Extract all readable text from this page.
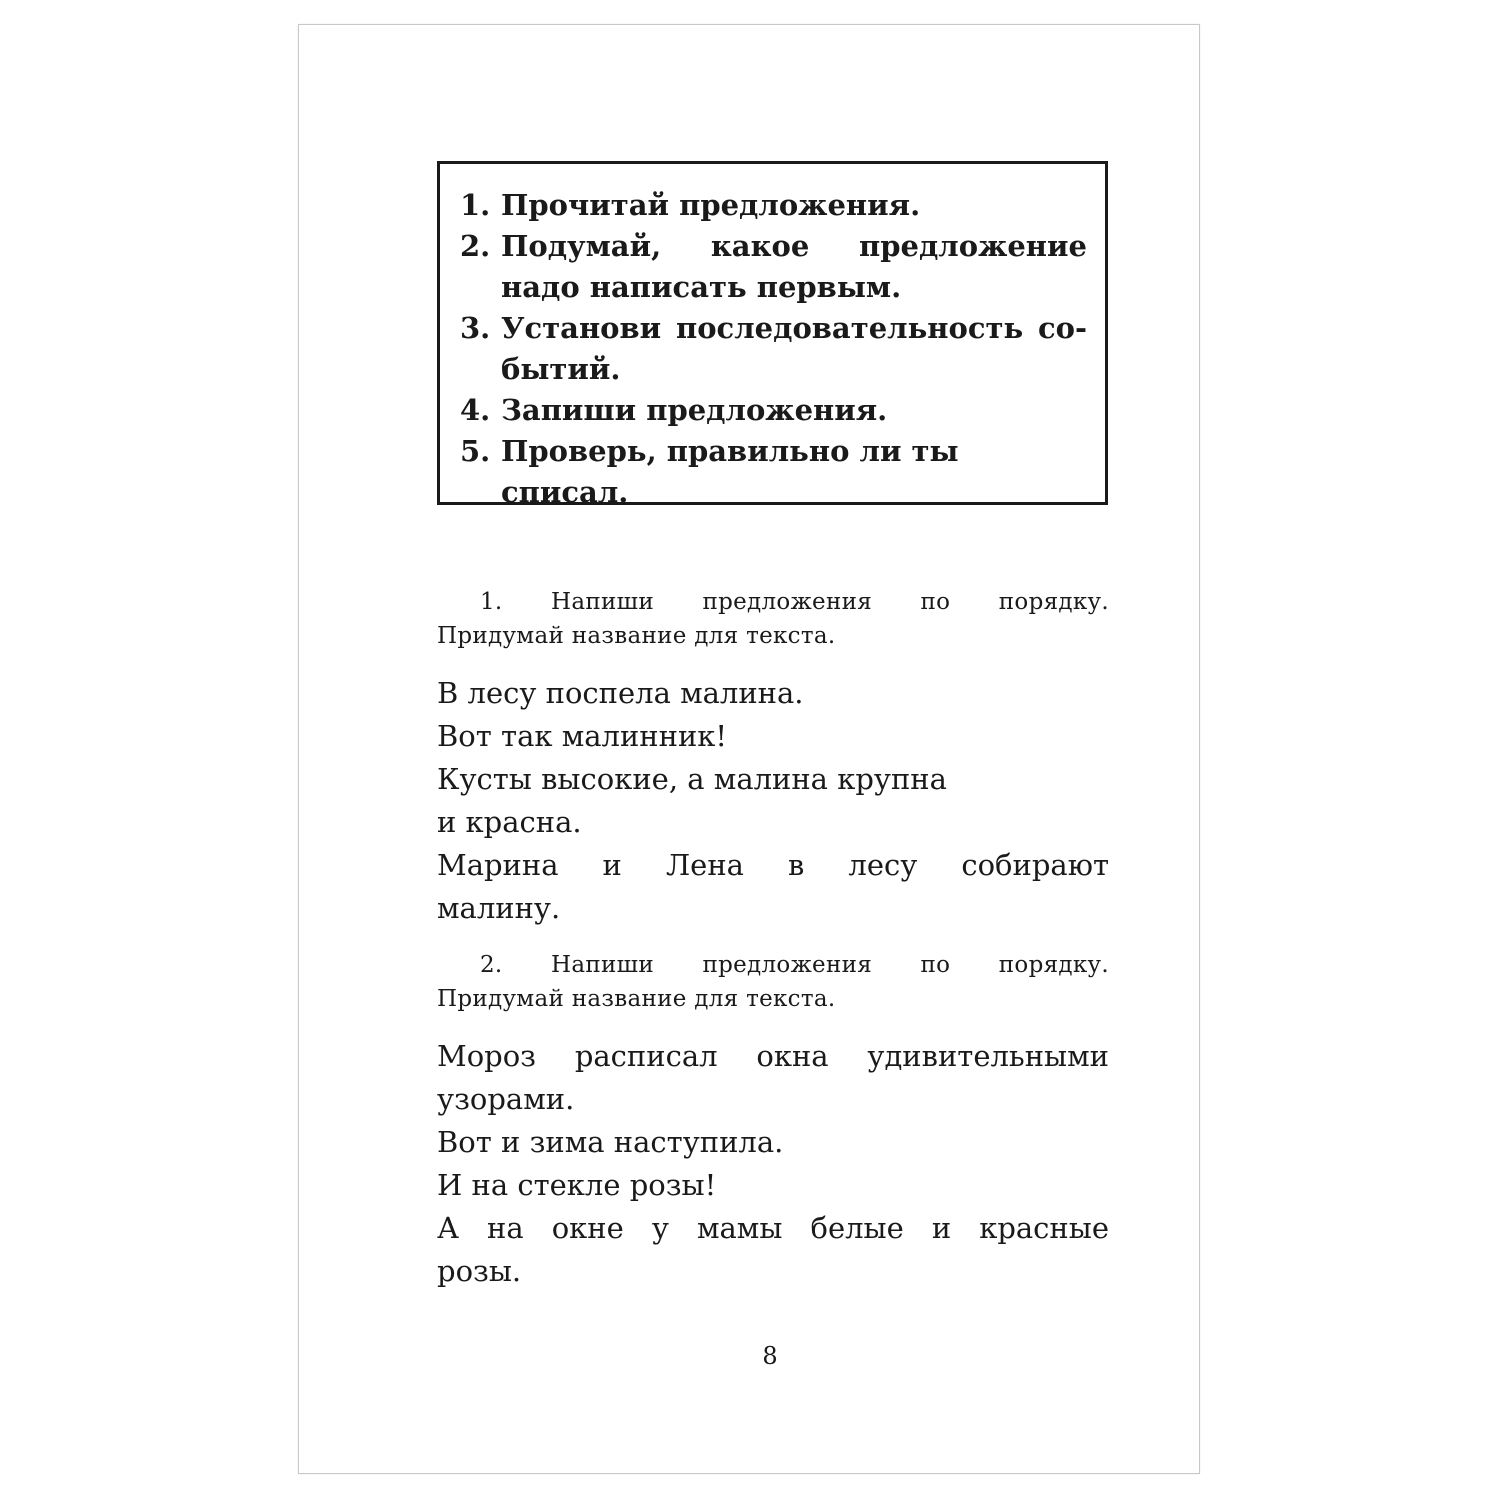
1. Прочитай предложения.
2. Подумай, какое предложение
надо написать первым.
3. Установи последовательность со-
бытий.
4. Запиши предложения.
5. Проверь, правильно ли ты списал.
1. Напиши предложения по порядку.
Придумай название для текста.
В лесу поспела малина.
Вот так малинник!
Кусты высокие, а малина крупна
и красна.
Марина и Лена в лесу собирают
малину.
2. Напиши предложения по порядку.
Придумай название для текста.
Мороз расписал окна удивительными
узорами.
Вот и зима наступила.
И на стекле розы!
А на окне у мамы белые и красные
розы.
8
